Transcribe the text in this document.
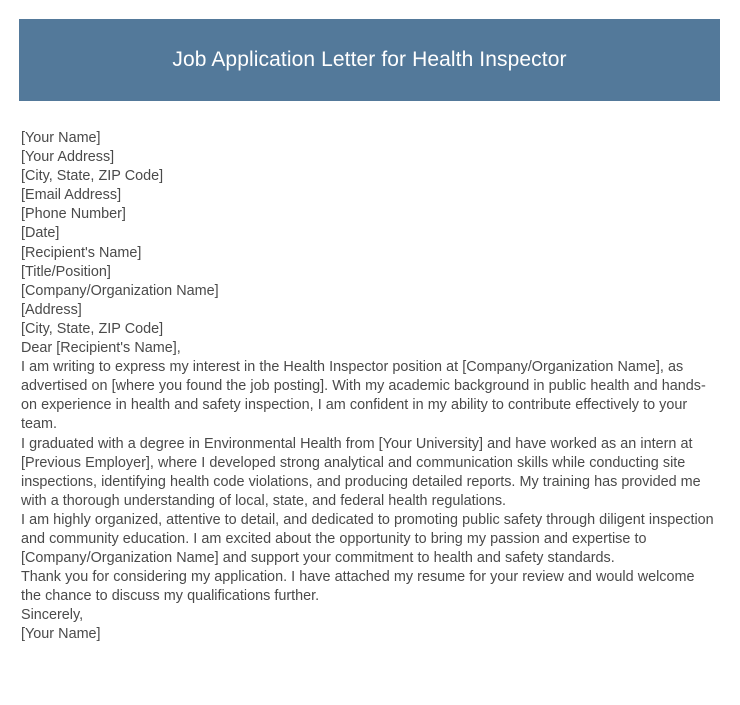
Job Application Letter for Health Inspector
[Your Name]
[Your Address]
[City, State, ZIP Code]
[Email Address]
[Phone Number]
[Date]
[Recipient's Name]
[Title/Position]
[Company/Organization Name]
[Address]
[City, State, ZIP Code]
Dear [Recipient's Name],

I am writing to express my interest in the Health Inspector position at [Company/Organization Name], as advertised on [where you found the job posting]. With my academic background in public health and hands-on experience in health and safety inspection, I am confident in my ability to contribute effectively to your team.

I graduated with a degree in Environmental Health from [Your University] and have worked as an intern at [Previous Employer], where I developed strong analytical and communication skills while conducting site inspections, identifying health code violations, and producing detailed reports. My training has provided me with a thorough understanding of local, state, and federal health regulations.

I am highly organized, attentive to detail, and dedicated to promoting public safety through diligent inspection and community education. I am excited about the opportunity to bring my passion and expertise to [Company/Organization Name] and support your commitment to health and safety standards.

Thank you for considering my application. I have attached my resume for your review and would welcome the chance to discuss my qualifications further.

Sincerely,
[Your Name]
